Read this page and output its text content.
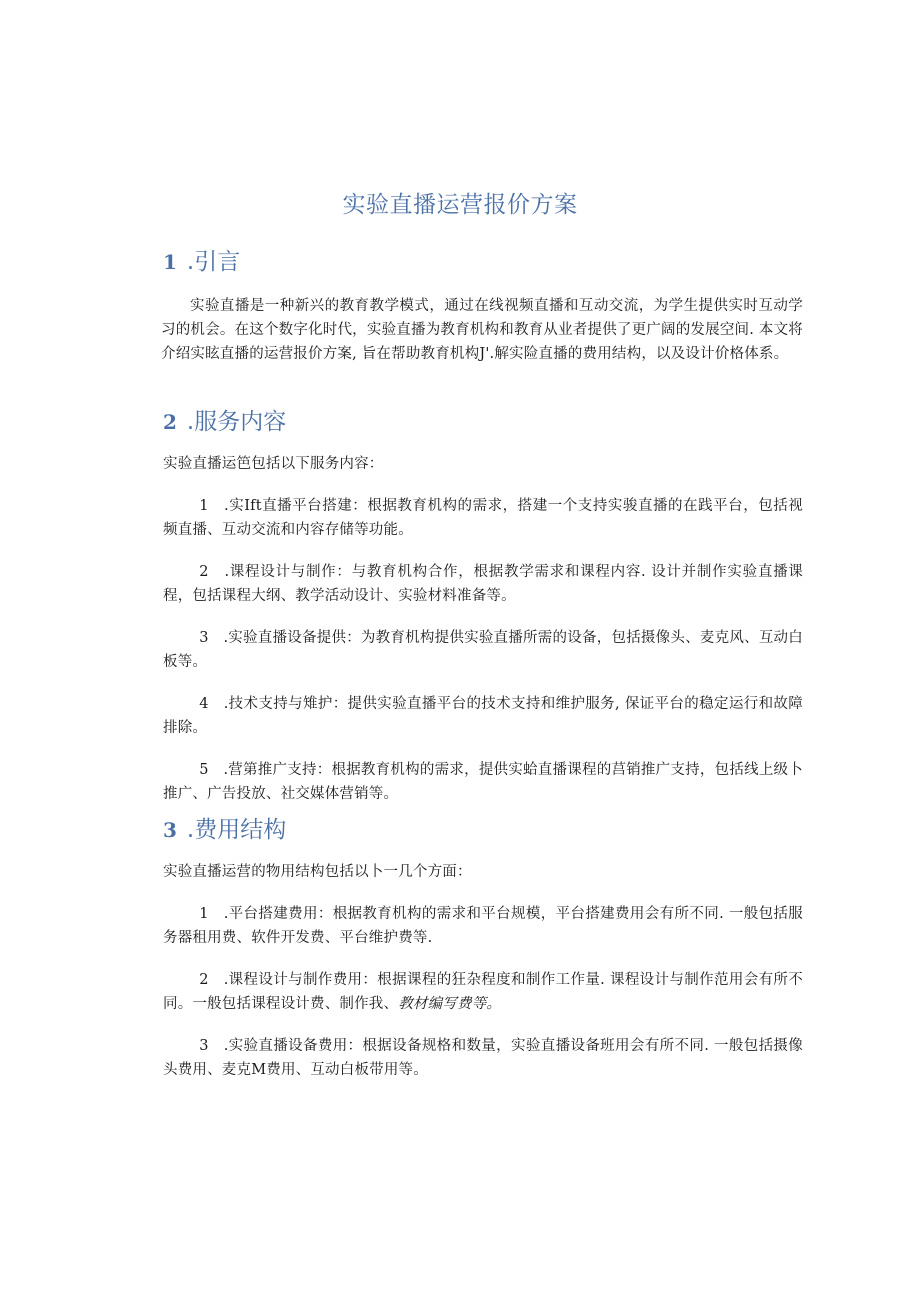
实验直播运营报价方案
1 .引言

实验直播是一种新兴的教育教学模式，通过在线视频直播和互动交流，为学生提供实时互动学习的机会。在这个数字化时代，实验直播为教育机构和教育从业者提供了更广阔的发展空间. 本文将介绍实眩直播的运营报价方案, 旨在帮助教育机构J'.解实险直播的费用结构，以及设计价格体系。

2 .服务内容

实验直播运笆包括以下服务内容：

1　.实Ift直播平台搭建：根据教育机构的需求，搭建一个支持实骏直播的在践平台，包括视频直播、互动交流和内容存储等功能。

2　.课程设计与制作：与教育机构合作，根据教学需求和课程内容. 设计并制作实验直播课程，包括课程大纲、教学活动设计、实验材料准备等。

3　.实验直播设备提供：为教育机构提供实验直播所需的设备，包括摄像头、麦克风、互动白板等。

4　.技术支持与雉护：提供实验直播平台的技术支持和维护服务, 保证平台的稳定运行和故障排除。

5　.营第推广支持：根据教育机构的需求，提供实蛤直播课程的莒销推广支持，包括线上级卜推广、广告投放、社交媒体营销等。

3 .费用结构

实验直播运营的物用结构包括以卜一几个方面：

1　.平台搭建费用：根据教育机构的需求和平台规模，平台搭建费用会有所不同. 一般包括服务器租用费、软件开发费、平台维护费等.

2　.课程设计与制作费用：根据课程的狂杂程度和制作工作量. 课程设计与制作范用会有所不同。一般包括课程设计费、制作我、教材编写费等。

3　.实验直播设备费用：根据设备规格和数量，实验直播设备班用会有所不同. 一般包括摄像头费用、麦克M费用、互动白板带用等。
